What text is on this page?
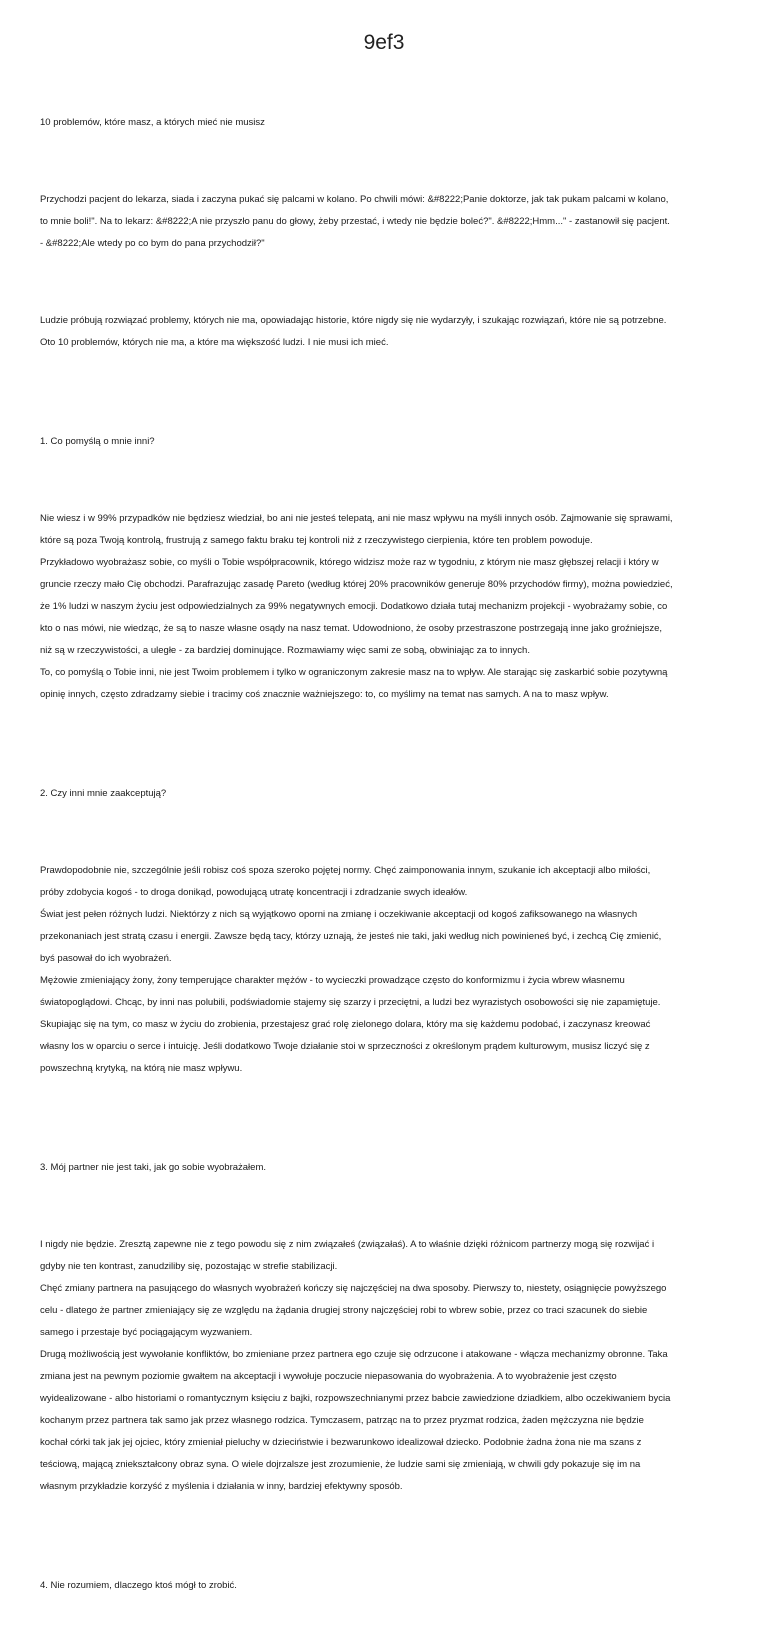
9ef3

10 problemów, które masz, a których mieć nie musisz

Przychodzi pacjent do lekarza, siada i zaczyna pukać się palcami w kolano. Po chwili mówi: &#8222;Panie doktorze, jak tak pukam palcami w kolano,
to mnie boli!". Na to lekarz: &#8222;A nie przyszło panu do głowy, żeby przestać, i wtedy nie będzie boleć?". &#8222;Hmm..." - zastanowił się pacjent.
- &#8222;Ale wtedy po co bym do pana przychodził?"

Ludzie próbują rozwiązać problemy, których nie ma, opowiadając historie, które nigdy się nie wydarzyły, i szukając rozwiązań, które nie są potrzebne.
Oto 10 problemów, których nie ma, a które ma większość ludzi. I nie musi ich mieć.

1. Co pomyślą o mnie inni?

Nie wiesz i w 99% przypadków nie będziesz wiedział, bo ani nie jesteś telepatą, ani nie masz wpływu na myśli innych osób. Zajmowanie się sprawami,
które są poza Twoją kontrolą, frustrują z samego faktu braku tej kontroli niż z rzeczywistego cierpienia, które ten problem powoduje.
Przykładowo wyobrażasz sobie, co myśli o Tobie współpracownik, którego widzisz może raz w tygodniu, z którym nie masz głębszej relacji i który w
gruncie rzeczy mało Cię obchodzi. Parafrazując zasadę Pareto (według której 20% pracowników generuje 80% przychodów firmy), można powiedzieć,
że 1% ludzi w naszym życiu jest odpowiedzialnych za 99% negatywnych emocji. Dodatkowo działa tutaj mechanizm projekcji - wyobrażamy sobie, co
kto o nas mówi, nie wiedząc, że są to nasze własne osądy na nasz temat. Udowodniono, że osoby przestraszone postrzegają inne jako groźniejsze,
niż są w rzeczywistości, a uległe - za bardziej dominujące. Rozmawiamy więc sami ze sobą, obwiniając za to innych.
To, co pomyślą o Tobie inni, nie jest Twoim problemem i tylko w ograniczonym zakresie masz na to wpływ. Ale starając się zaskarbić sobie pozytywną
opinię innych, często zdradzamy siebie i tracimy coś znacznie ważniejszego: to, co myślimy na temat nas samych. A na to masz wpływ.

2. Czy inni mnie zaakceptują?

Prawdopodobnie nie, szczególnie jeśli robisz coś spoza szeroko pojętej normy. Chęć zaimponowania innym, szukanie ich akceptacji albo miłości,
próby zdobycia kogoś - to droga donikąd, powodującą utratę koncentracji i zdradzanie swych ideałów.
Świat jest pełen różnych ludzi. Niektórzy z nich są wyjątkowo oporni na zmianę i oczekiwanie akceptacji od kogoś zafiksowanego na własnych
przekonaniach jest stratą czasu i energii. Zawsze będą tacy, którzy uznają, że jesteś nie taki, jaki według nich powinieneś być, i zechcą Cię zmienić,
byś pasował do ich wyobrażeń.
Mężowie zmieniający żony, żony temperujące charakter mężów - to wycieczki prowadzące często do konformizmu i życia wbrew własnemu
światopoglądowi. Chcąc, by inni nas polubili, podświadomie stajemy się szarzy i przeciętni, a ludzi bez wyrazistych osobowości się nie zapamiętuje.
Skupiając się na tym, co masz w życiu do zrobienia, przestajesz grać rolę zielonego dolara, który ma się każdemu podobać, i zaczynasz kreować
własny los w oparciu o serce i intuicję. Jeśli dodatkowo Twoje działanie stoi w sprzeczności z określonym prądem kulturowym, musisz liczyć się z
powszechną krytyką, na którą nie masz wpływu.

3. Mój partner nie jest taki, jak go sobie wyobrażałem.

I nigdy nie będzie. Zresztą zapewne nie z tego powodu się z nim związałeś (związałaś). A to właśnie dzięki różnicom partnerzy mogą się rozwijać i
gdyby nie ten kontrast, zanudziliby się, pozostając w strefie stabilizacji.
Chęć zmiany partnera na pasującego do własnych wyobrażeń kończy się najczęściej na dwa sposoby. Pierwszy to, niestety, osiągnięcie powyższego
celu - dlatego że partner zmieniający się ze względu na żądania drugiej strony najczęściej robi to wbrew sobie, przez co traci szacunek do siebie
samego i przestaje być pociągającym wyzwaniem.
Drugą możliwością jest wywołanie konfliktów, bo zmieniane przez partnera ego czuje się odrzucone i atakowane - włącza mechanizmy obronne. Taka
zmiana jest na pewnym poziomie gwałtem na akceptacji i wywołuje poczucie niepasowania do wyobrażenia. A to wyobrażenie jest często
wyidealizowane - albo historiami o romantycznym księciu z bajki, rozpowszechnianymi przez babcie zawiedzione dziadkiem, albo oczekiwaniem bycia
kochanym przez partnera tak samo jak przez własnego rodzica. Tymczasem, patrząc na to przez pryzmat rodzica, żaden mężczyzna nie będzie
kochał córki tak jak jej ojciec, który zmieniał pieluchy w dzieciństwie i bezwarunkowo idealizował dziecko. Podobnie żadna żona nie ma szans z
teściową, mającą zniekształcony obraz syna. O wiele dojrzalsze jest zrozumienie, że ludzie sami się zmieniają, w chwili gdy pokazuje się im na
własnym przykładzie korzyść z myślenia i działania w inny, bardziej efektywny sposób.

4. Nie rozumiem, dlaczego ktoś mógł to zrobić.
